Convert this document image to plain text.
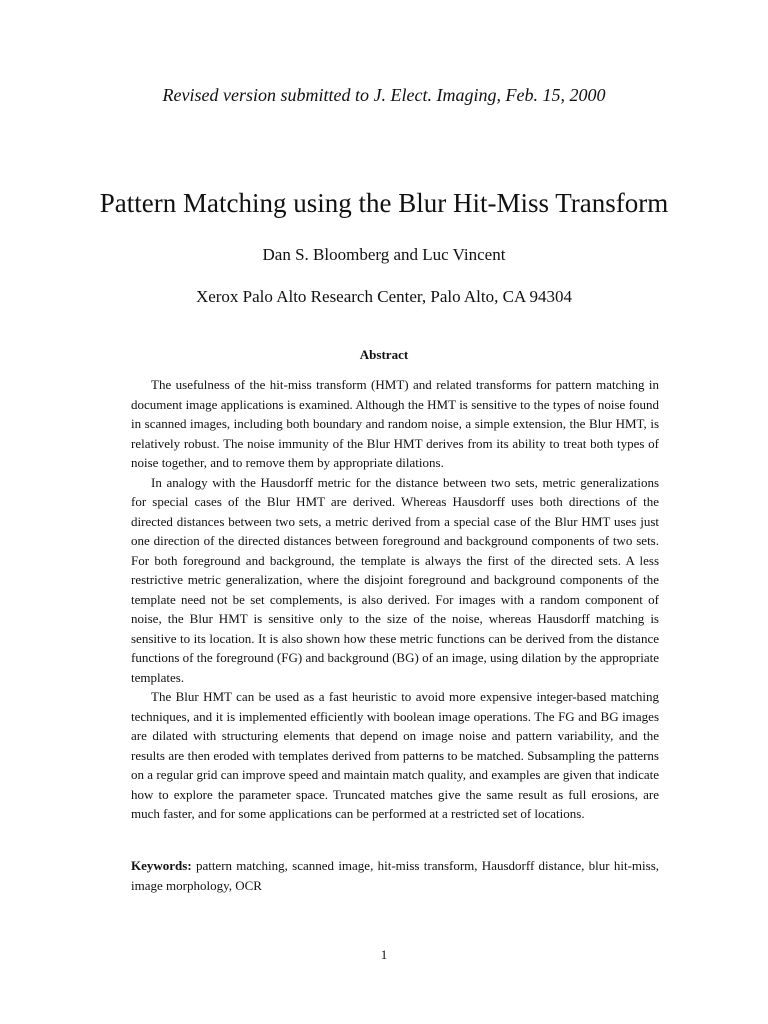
Revised version submitted to J. Elect. Imaging, Feb. 15, 2000
Pattern Matching using the Blur Hit-Miss Transform
Dan S. Bloomberg and Luc Vincent
Xerox Palo Alto Research Center, Palo Alto, CA 94304
Abstract

The usefulness of the hit-miss transform (HMT) and related transforms for pattern matching in document image applications is examined. Although the HMT is sensitive to the types of noise found in scanned images, including both boundary and random noise, a simple extension, the Blur HMT, is relatively robust. The noise immunity of the Blur HMT derives from its ability to treat both types of noise together, and to remove them by appropriate dilations.

In analogy with the Hausdorff metric for the distance between two sets, metric generalizations for special cases of the Blur HMT are derived. Whereas Hausdorff uses both directions of the directed distances between two sets, a metric derived from a special case of the Blur HMT uses just one direction of the directed distances between foreground and background components of two sets. For both foreground and background, the template is always the first of the directed sets. A less restrictive metric generalization, where the disjoint foreground and background components of the template need not be set complements, is also derived. For images with a random component of noise, the Blur HMT is sensitive only to the size of the noise, whereas Hausdorff matching is sensitive to its location. It is also shown how these metric functions can be derived from the distance functions of the foreground (FG) and background (BG) of an image, using dilation by the appropriate templates.

The Blur HMT can be used as a fast heuristic to avoid more expensive integer-based matching techniques, and it is implemented efficiently with boolean image operations. The FG and BG images are dilated with structuring elements that depend on image noise and pattern variability, and the results are then eroded with templates derived from patterns to be matched. Subsampling the patterns on a regular grid can improve speed and maintain match quality, and examples are given that indicate how to explore the parameter space. Truncated matches give the same result as full erosions, are much faster, and for some applications can be performed at a restricted set of locations.

Keywords: pattern matching, scanned image, hit-miss transform, Hausdorff distance, blur hit-miss, image morphology, OCR
1
